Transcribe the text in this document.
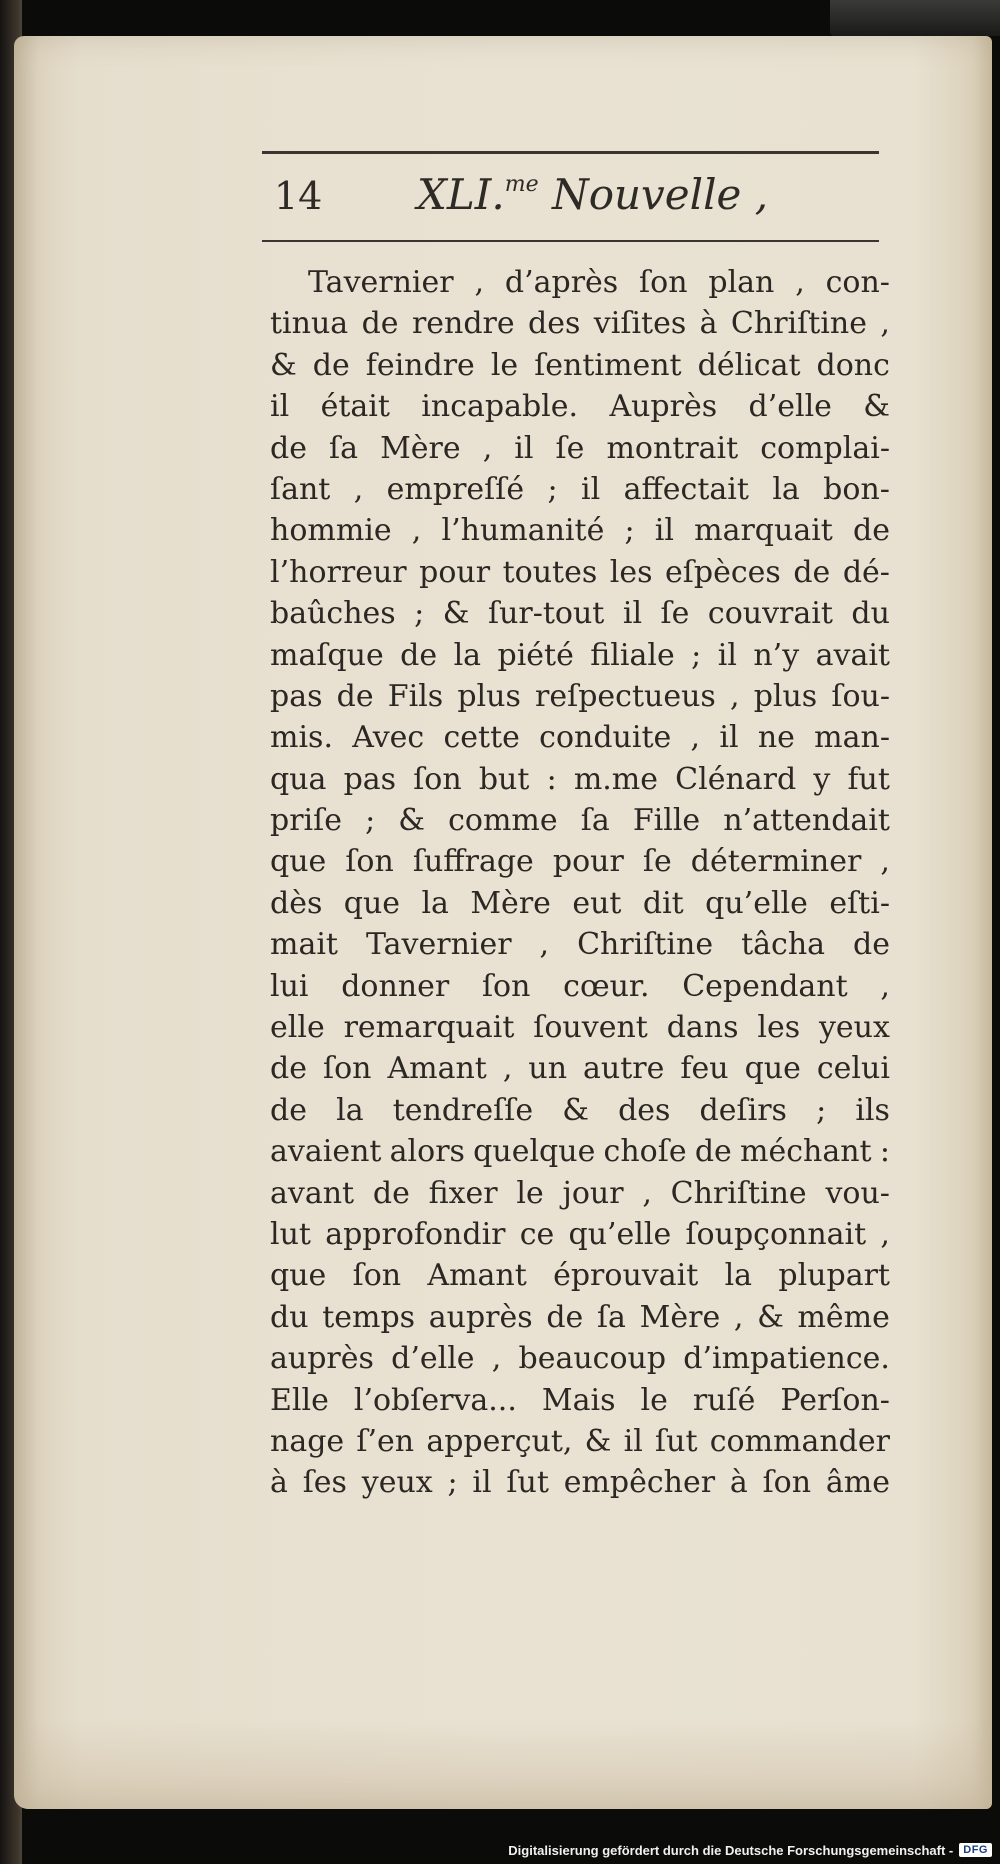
14 XLI.$^{me}$ Nouvelle ,
Tavernier , d’après ſon plan , con-
tinua de rendre des viſites à Chriſtine ,
& de feindre le ſentiment délicat donc
il était incapable. Auprès d’elle &
de ſa Mère , il ſe montrait complai-
ſant , empreſſé ; il affectait la bon-
hommie , l’humanité ; il marquait de
l’horreur pour toutes les eſpèces de dé-
baûches ; & ſur-tout il ſe couvrait du
maſque de la piété filiale ; il n’y avait
pas de Fils plus reſpectueus , plus ſou-
mis. Avec cette conduite , il ne man-
qua pas ſon but : m.me Clénard y fut
priſe ; & comme ſa Fille n’attendait
que ſon ſuffrage pour ſe déterminer ,
dès que la Mère eut dit qu’elle eſti-
mait Tavernier , Chriſtine tâcha de
lui donner ſon cœur. Cependant ,
elle remarquait ſouvent dans les yeux
de ſon Amant , un autre feu que celui
de la tendreſſe & des deſirs ; ils
avaient alors quelque choſe de méchant :
avant de fixer le jour , Chriſtine vou-
lut approfondir ce qu’elle ſoupçonnait ,
que ſon Amant éprouvait la plupart
du temps auprès de ſa Mère , & même
auprès d’elle , beaucoup d’impatience.
Elle l’obſerva... Mais le ruſé Perſon-
nage ſ’en apperçut, & il ſut commander
à ſes yeux ; il ſut empêcher à ſon âme
Digitalisierung gefördert durch die Deutsche Forschungsgemeinschaft - DFG
